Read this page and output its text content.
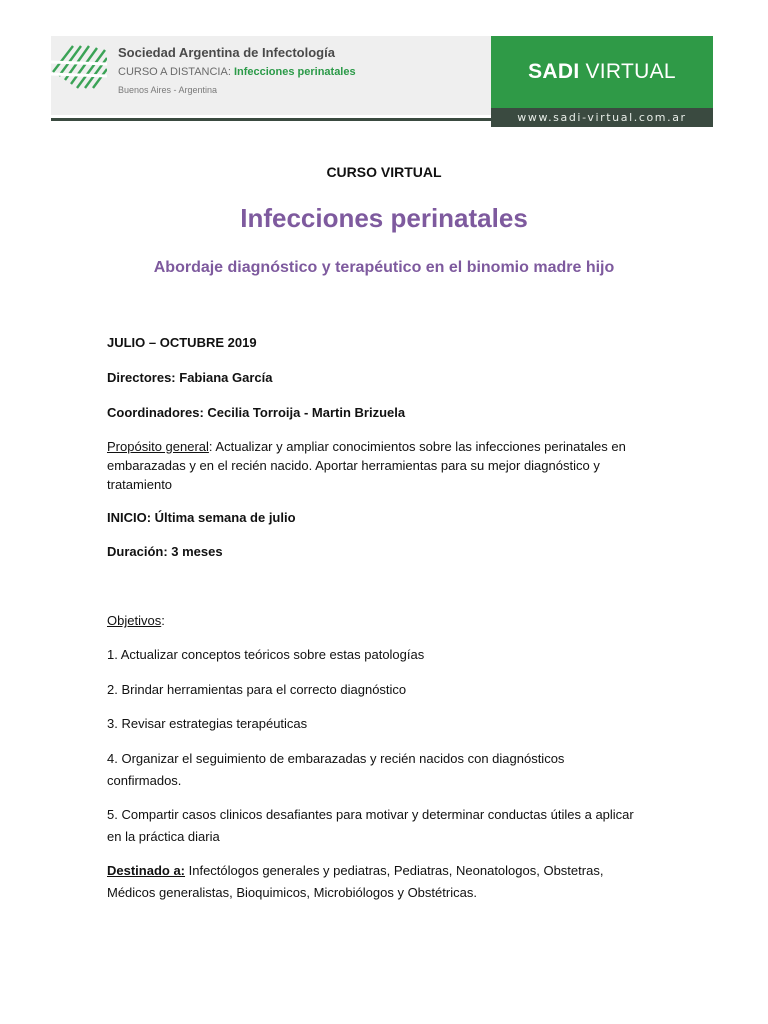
Sociedad Argentina de Infectología
CURSO A DISTANCIA: Infecciones perinatales
Buenos Aires - Argentina
SADI VIRTUAL
www.sadi-virtual.com.ar
CURSO VIRTUAL
Infecciones perinatales
Abordaje diagnóstico y terapéutico en el binomio madre hijo
JULIO – OCTUBRE 2019
Directores: Fabiana García
Coordinadores: Cecilia Torroija - Martin Brizuela
Propósito general: Actualizar y ampliar conocimientos sobre las infecciones perinatales en embarazadas y en el recién nacido. Aportar herramientas para su mejor diagnóstico y tratamiento
INICIO: Última semana de julio
Duración: 3 meses
Objetivos:
1. Actualizar conceptos teóricos sobre estas patologías
2. Brindar herramientas para el correcto diagnóstico
3. Revisar estrategias terapéuticas
4. Organizar el seguimiento de embarazadas y recién nacidos con diagnósticos confirmados.
5. Compartir casos clinicos desafiantes para motivar y determinar conductas útiles a aplicar en la práctica diaria
Destinado a: Infectólogos generales y pediatras, Pediatras, Neonatologos, Obstetras, Médicos generalistas, Bioquimicos, Microbiólogos y Obstétricas.
